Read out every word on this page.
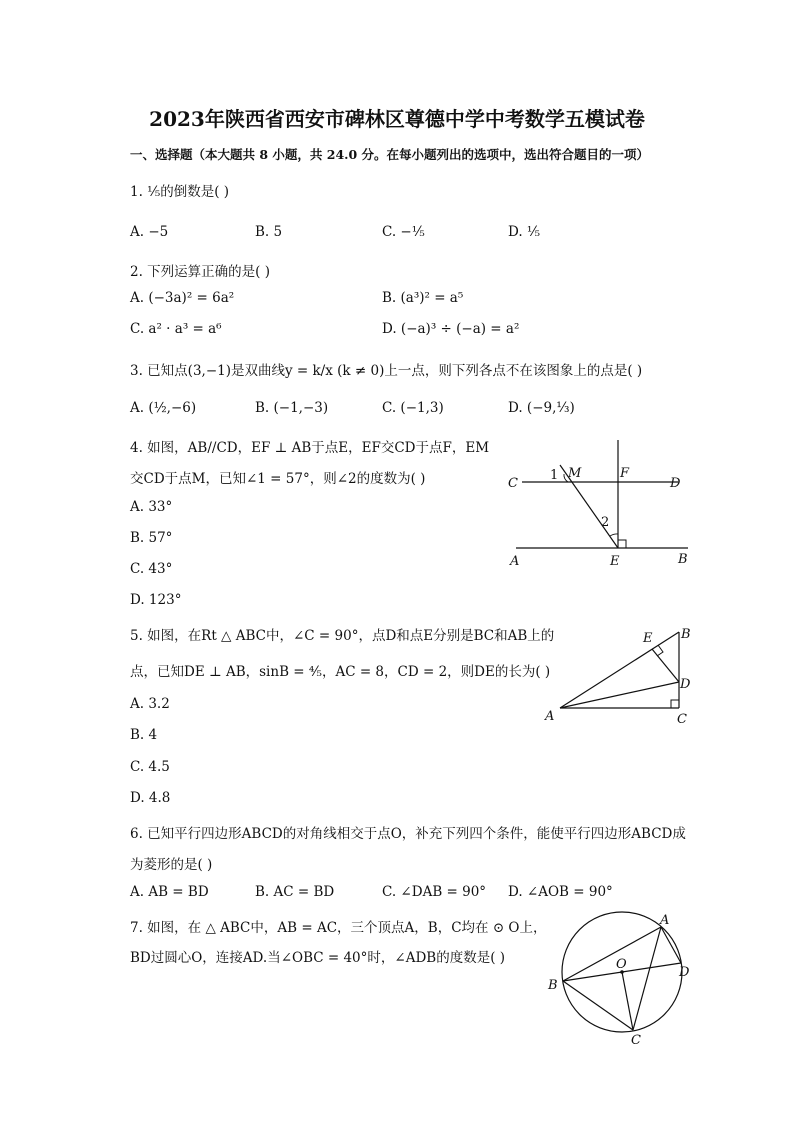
2023年陕西省西安市碑林区尊德中学中考数学五模试卷
一、选择题（本大题共 8 小题，共 24.0 分。在每小题列出的选项中，选出符合题目的一项）
1. ¹⁄₅的倒数是( )
A. −5	B. 5	C. −¹⁄₅	D. ¹⁄₅
2. 下列运算正确的是( )
A. (−3a)² = 6a²	B. (a³)² = a⁵
C. a² · a³ = a⁶	D. (−a)³ ÷ (−a) = a²
3. 已知点(3,−1)是双曲线y = k/x (k ≠ 0)上一点，则下列各点不在该图象上的点是( )
A. (½,−6)	B. (−1,−3)	C. (−1,3)	D. (−9,⅓)
4. 如图，AB//CD，EF ⊥ AB于点E，EF交CD于点F，EM
交CD于点M，已知∠1 = 57°，则∠2的度数为( )
A. 33°
B. 57°
C. 43°
D. 123°
C	D
A	B
M	F
E
1
2
5. 如图，在Rt △ ABC中，∠C = 90°，点D和点E分别是BC和AB上的
点，已知DE ⊥ AB，sinB = ⁴⁄₅，AC = 8，CD = 2，则DE的长为( )
A. 3.2
B. 4
C. 4.5
D. 4.8
A
B
C
D
E
6. 已知平行四边形ABCD的对角线相交于点O，补充下列四个条件，能使平行四边形ABCD成
为菱形的是( )
A. AB = BD	B. AC = BD	C. ∠DAB = 90° D. ∠AOB = 90°
7. 如图，在 △ ABC中，AB = AC，三个顶点A，B，C均在 ⊙ O上，
BD过圆心O，连接AD.当∠OBC = 40°时，∠ADB的度数是( )
A
B
C
D
O
